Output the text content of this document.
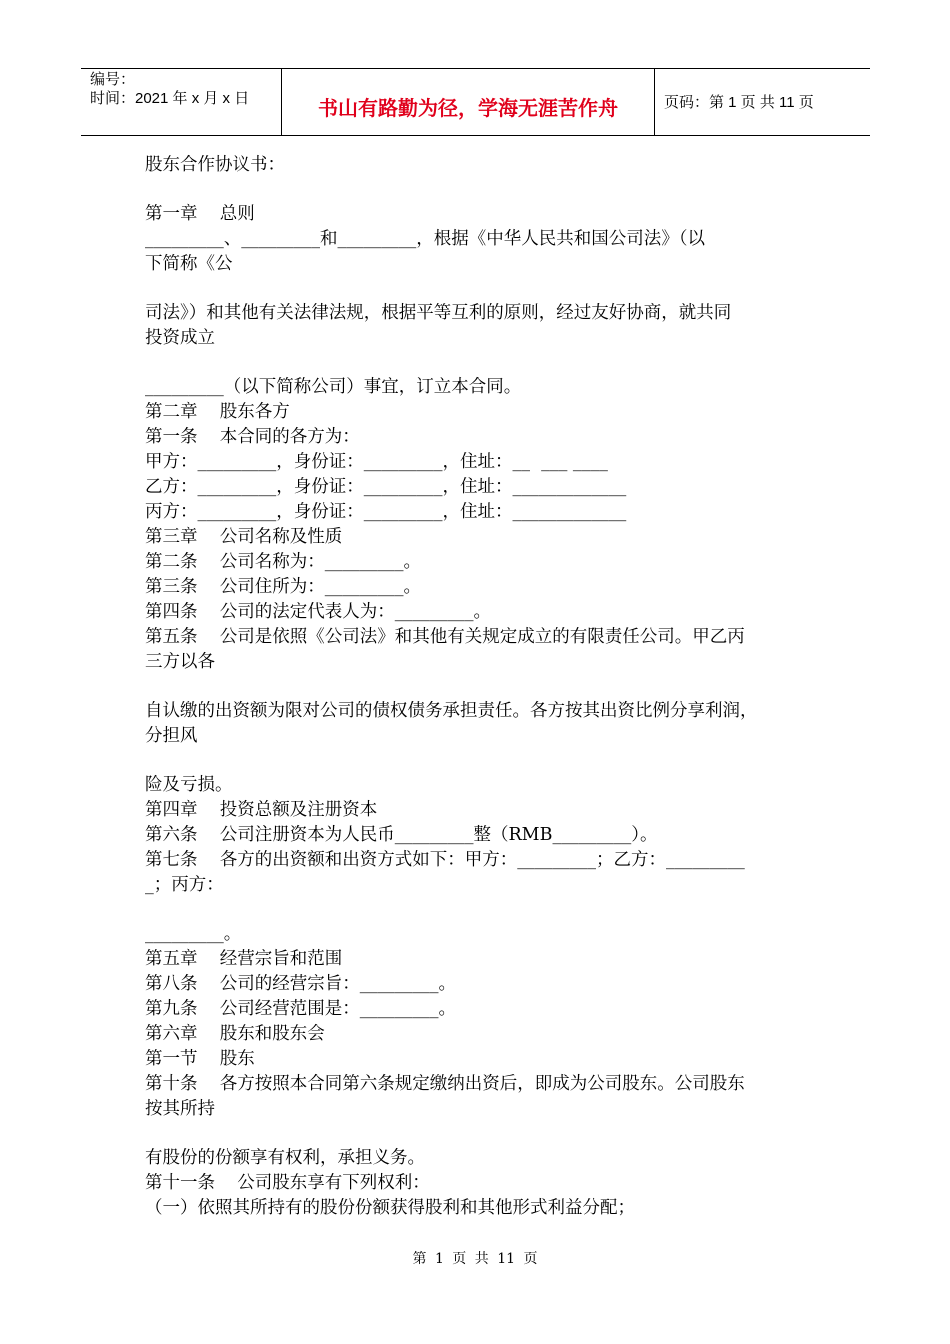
编号：
时间：2021 年 x 月 x 日	书山有路勤为径，学海无涯苦作舟	页码：第 1 页 共 11 页
股东合作协议书：
第一章    总则
_________、_________和_________，根据《中华人民共和国公司法》（以
下简称《公
司法》）和其他有关法律法规，根据平等互利的原则，经过友好协商，就共同
投资成立
_________（以下简称公司）事宜，订立本合同。
第二章    股东各方
第一条    本合同的各方为：
甲方：_________，身份证：_________，住址：__  ___ ____
乙方：_________，身份证：_________，住址：_____________
丙方：_________，身份证：_________，住址：_____________
第三章    公司名称及性质
第二条    公司名称为：_________。
第三条    公司住所为：_________。
第四条    公司的法定代表人为：_________。
第五条    公司是依照《公司法》和其他有关规定成立的有限责任公司。甲乙丙
三方以各
自认缴的出资额为限对公司的债权债务承担责任。各方按其出资比例分享利润，
分担风
险及亏损。
第四章    投资总额及注册资本
第六条    公司注册资本为人民币_________整（RMB_________）。
第七条    各方的出资额和出资方式如下：甲方：_________；乙方：_________
_；丙方：
_________。
第五章    经营宗旨和范围
第八条    公司的经营宗旨：_________。
第九条    公司经营范围是：_________。
第六章    股东和股东会
第一节    股东
第十条    各方按照本合同第六条规定缴纳出资后，即成为公司股东。公司股东
按其所持
有股份的份额享有权利，承担义务。
第十一条    公司股东享有下列权利：
（一）依照其所持有的股份份额获得股利和其他形式利益分配；
第 1 页 共 11 页
